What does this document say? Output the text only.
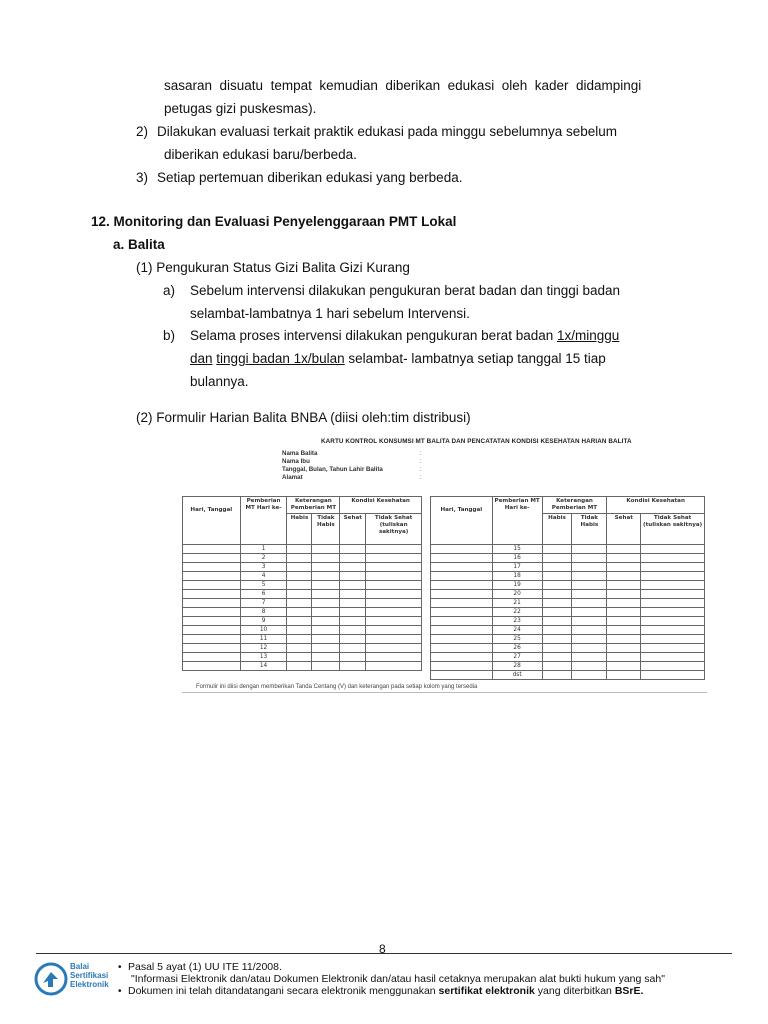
sasaran  disuatu  tempat  kemudian  diberikan  edukasi  oleh  kader  didampingi
petugas gizi puskesmas).
2) Dilakukan evaluasi terkait praktik edukasi pada minggu sebelumnya sebelum
diberikan edukasi baru/berbeda.
3) Setiap pertemuan diberikan edukasi yang berbeda.
12. Monitoring dan Evaluasi Penyelenggaraan PMT Lokal
a. Balita
(1) Pengukuran Status Gizi Balita Gizi Kurang
a) Sebelum intervensi dilakukan pengukuran berat badan dan tinggi badan
selambat-lambatnya 1 hari sebelum Intervensi.
b) Selama proses intervensi dilakukan pengukuran berat badan 1x/minggu
dan tinggi badan 1x/bulan selambat- lambatnya setiap tanggal 15 tiap
bulannya.
(2) Formulir Harian Balita BNBA (diisi oleh:tim distribusi)
KARTU KONTROL KONSUMSI MT BALITA DAN PENCATATAN KONDISI KESEHATAN HARIAN BALITA
Nama Balita	:
Nama Ibu	:
Tanggal, Bulan, Tahun Lahir Balita	:
Alamat	:
Hari, Tanggal	Pemberian MT Hari ke-	Keterangan Pemberian MT		Kondisi Kesehatan	
		Habis	Tidak Habis	Sehat	Tidak Sehat (tuliskan sakitnya)
	1				
	2				
	3				
	4				
	5				
	6				
	7				
	8				
	9				
	10				
	11				
	12				
	13				
	14				
Hari, Tanggal	Pemberian MT Hari ke-	Keterangan Pemberian MT		Kondisi Kesehatan	
		Habis	Tidak Habis	Sehat	Tidak Sehat (tuliskan sakitnya)
	15				
	16				
	17				
	18				
	19				
	20				
	21				
	22				
	23				
	24				
	25				
	26				
	27				
	28				
	dst				
Formulir ini diisi dengan memberikan Tanda Centang (V) dan keterangan pada setiap kolom yang tersedia
8
Balai
Sertifikasi
Elektronik
• Pasal 5 ayat (1) UU ITE 11/2008.
"Informasi Elektronik dan/atau Dokumen Elektronik dan/atau hasil cetaknya merupakan alat bukti hukum yang sah"
• Dokumen ini telah ditandatangani secara elektronik menggunakan sertifikat elektronik yang diterbitkan BSrE.
